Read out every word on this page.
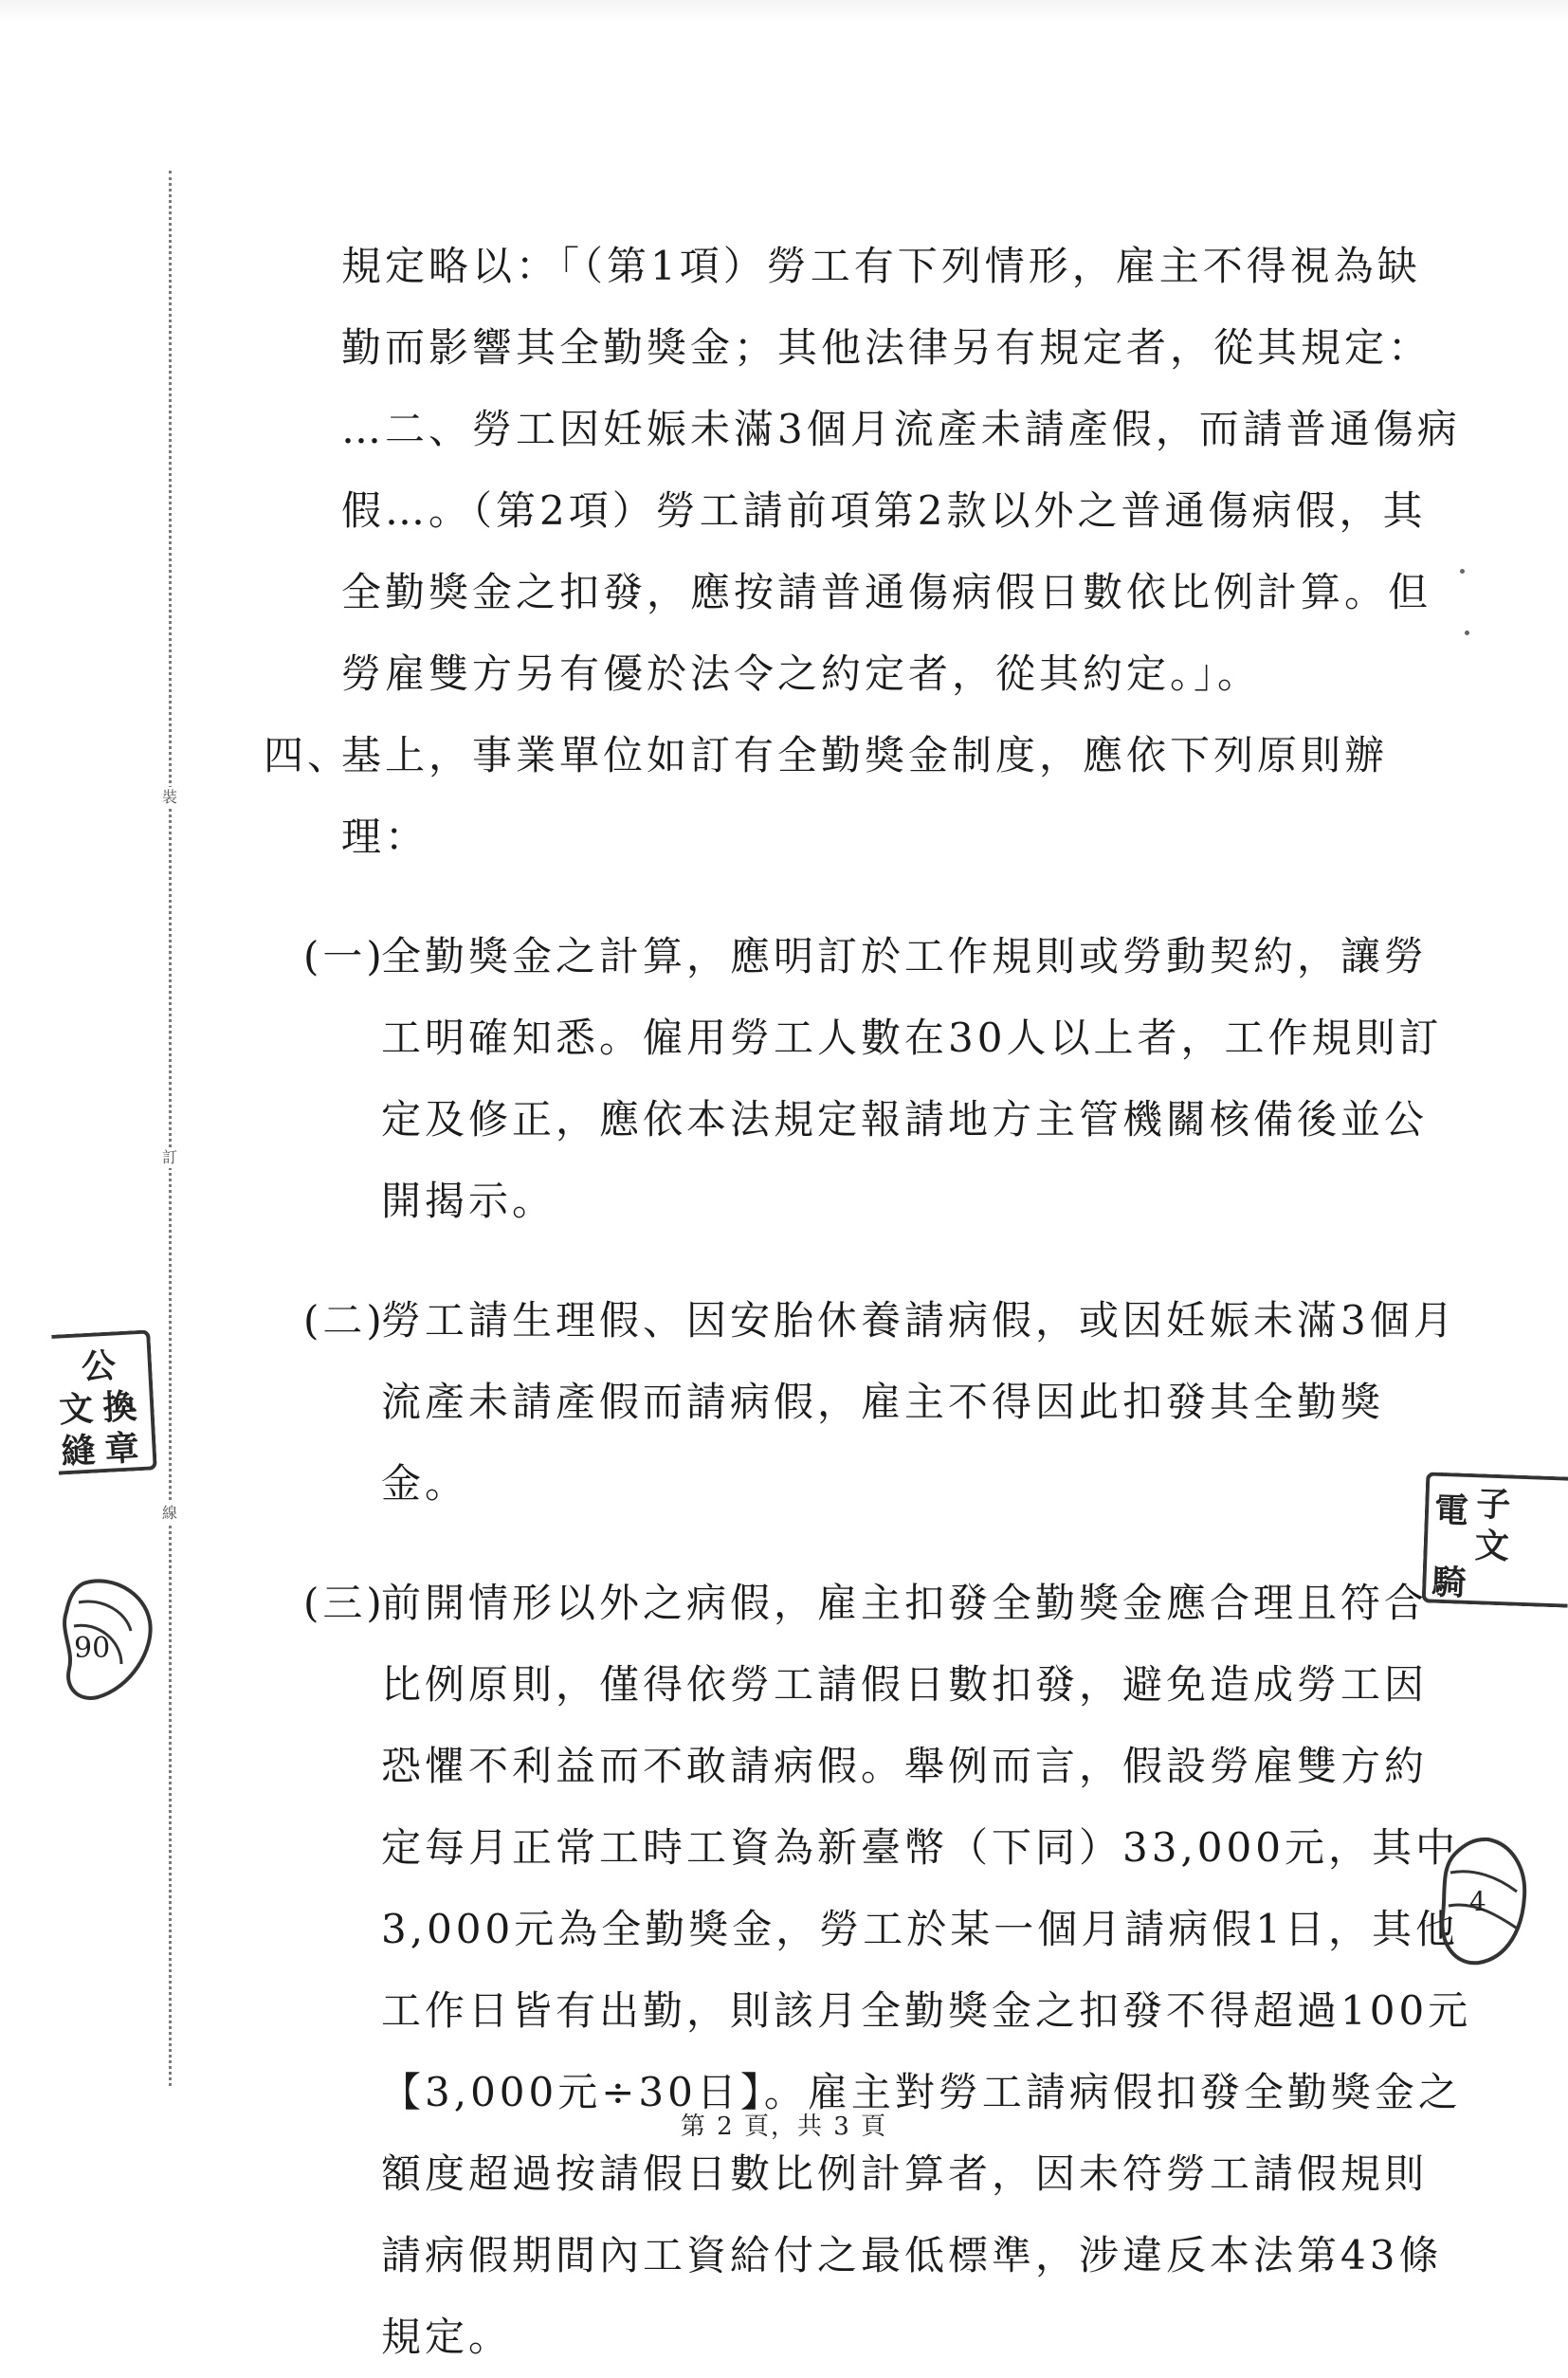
裝
訂
線
規定略以：「（第1項）勞工有下列情形，雇主不得視為缺
勤而影響其全勤獎金；其他法律另有規定者，從其規定：
…二、勞工因妊娠未滿3個月流產未請產假，而請普通傷病
假…。（第2項）勞工請前項第2款以外之普通傷病假，其
全勤獎金之扣發，應按請普通傷病假日數依比例計算。但
勞雇雙方另有優於法令之約定者，從其約定。」。
四、
基上，事業單位如訂有全勤獎金制度，應依下列原則辦
理：
(一)
全勤獎金之計算，應明訂於工作規則或勞動契約，讓勞
工明確知悉。僱用勞工人數在30人以上者，工作規則訂
定及修正，應依本法規定報請地方主管機關核備後並公
開揭示。
(二)
勞工請生理假、因安胎休養請病假，或因妊娠未滿3個月
流產未請產假而請病假，雇主不得因此扣發其全勤獎
金。
(三)
前開情形以外之病假，雇主扣發全勤獎金應合理且符合
比例原則，僅得依勞工請假日數扣發，避免造成勞工因
恐懼不利益而不敢請病假。舉例而言，假設勞雇雙方約
定每月正常工時工資為新臺幣（下同）33,000元，其中
3,000元為全勤獎金，勞工於某一個月請病假1日，其他
工作日皆有出勤，則該月全勤獎金之扣發不得超過100元
【3,000元÷30日】。雇主對勞工請病假扣發全勤獎金之
額度超過按請假日數比例計算者，因未符勞工請假規則
請病假期間內工資給付之最低標準，涉違反本法第43條
規定。
公
換
文
縫 章
電 子
文
騎
90
4
第 2 頁，共 3 頁
